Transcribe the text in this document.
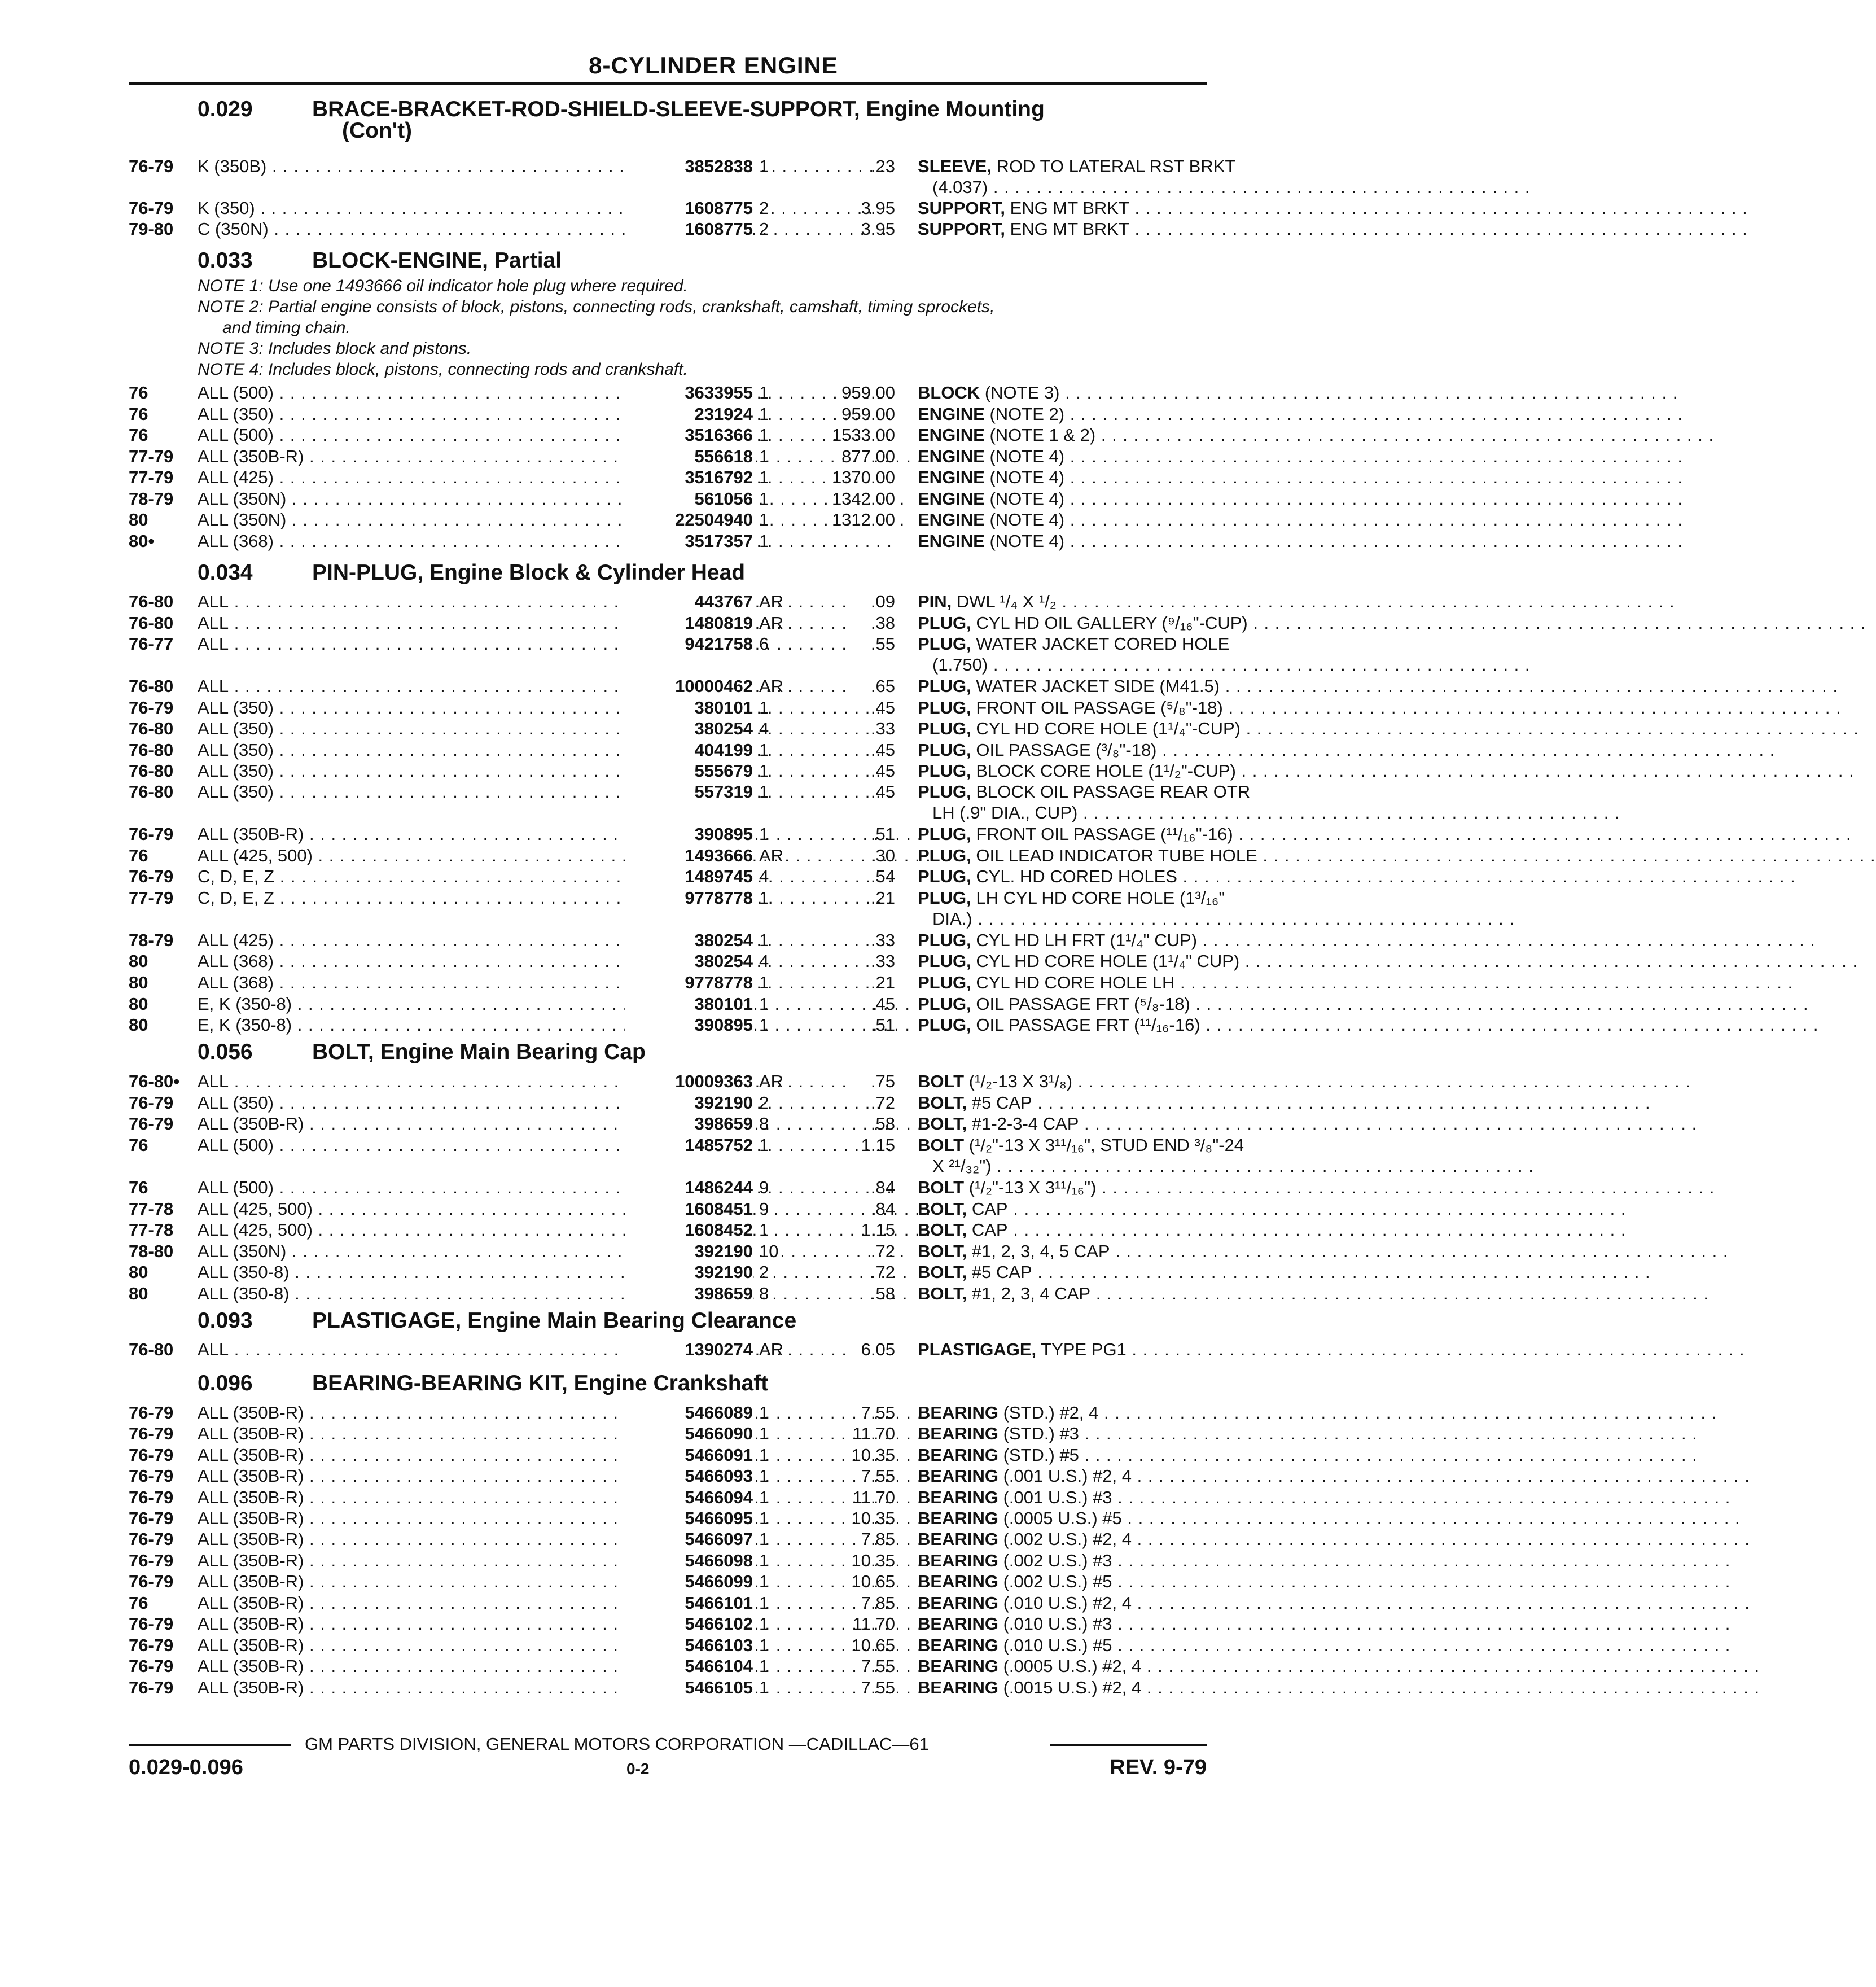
8-CYLINDER ENGINE
0.029	BRACE-BRACKET-ROD-SHIELD-SLEEVE-SUPPORT, Engine Mounting
(Con't)
0.033	BLOCK-ENGINE, Partial
NOTE 1: Use one 1493666 oil indicator hole plug where required.
NOTE 2: Partial engine consists of block, pistons, connecting rods, crankshaft, camshaft, timing sprockets,
and timing chain.
NOTE 3: Includes block and pistons.
NOTE 4: Includes block, pistons, connecting rods and crankshaft.
0.034	PIN-PLUG, Engine Block & Cylinder Head
0.056	BOLT, Engine Main Bearing Cap
0.093	PLASTIGAGE, Engine Main Bearing Clearance
0.096	BEARING-BEARING KIT, Engine Crankshaft
76-79 K (350B) . . .	3852838 1	.23 SLEEVE, ROD TO LATERAL RST BRKT
(4.037) . . .
76-79 K (350) . . .	1608775 2	3.95 SUPPORT, ENG MT BRKT . . .
79-80 C (350N) . . .	1608775 2	3.95 SUPPORT, ENG MT BRKT . . .
76	ALL (500) . . .	3633955 1	959.00 BLOCK (NOTE 3) . . .
76	ALL (350) . . .	231924 1	959.00 ENGINE (NOTE 2) . . .
76	ALL (500) . . .	3516366 1	1533.00 ENGINE (NOTE 1 & 2) . . .
77-79 ALL (350B-R) . . .	556618 1	877.00 ENGINE (NOTE 4) . . .
77-79 ALL (425) . . .	3516792 1	1370.00 ENGINE (NOTE 4) . . .
78-79 ALL (350N) . . .	561056 1	1342.00 ENGINE (NOTE 4) . . .
80	ALL (350N) . . .	22504940 1	1312.00 ENGINE (NOTE 4) . . .
80• ALL (368) . . .	3517357 1	ENGINE (NOTE 4) . . .
76-80 ALL . . .	443767 AR	.09 PIN, DWL ¹/₄ X ¹/₂ . . .
76-80 ALL . . .	1480819 AR	.38 PLUG, CYL HD OIL GALLERY (⁹/₁₆"-CUP) . . .
76-77 ALL . . .	9421758 6	.55 PLUG, WATER JACKET CORED HOLE
(1.750) . . .
76-80 ALL . . .	10000462 AR	.65 PLUG, WATER JACKET SIDE (M41.5) . . .
76-79 ALL (350) . . .	380101 1	.45 PLUG, FRONT OIL PASSAGE (⁵/₈"-18) . . .
76-80 ALL (350) . . .	380254 4	.33 PLUG, CYL HD CORE HOLE (1¹/₄"-CUP) . . .
76-80 ALL (350) . . .	404199 1	.45 PLUG, OIL PASSAGE (³/₈"-18) . . .
76-80 ALL (350) . . .	555679 1	.45 PLUG, BLOCK CORE HOLE (1¹/₂"-CUP) . . .
76-80 ALL (350) . . .	557319 1	.45 PLUG, BLOCK OIL PASSAGE REAR OTR
LH (.9" DIA., CUP) . . .
76-79 ALL (350B-R) . . .	390895 1	.51 PLUG, FRONT OIL PASSAGE (¹¹/₁₆"-16) . . .
76	ALL (425, 500) . . .	1493666 AR	.30 PLUG, OIL LEAD INDICATOR TUBE HOLE . . .
76-79 C, D, E, Z . . .	1489745 4	.54 PLUG, CYL. HD CORED HOLES . . .
77-79 C, D, E, Z . . .	9778778 1	.21 PLUG, LH CYL HD CORE HOLE (1³/₁₆"
DIA.) . . .
78-79 ALL (425) . . .	380254 1	.33 PLUG, CYL HD LH FRT (1¹/₄" CUP) . . .
80	ALL (368) . . .	380254 4	.33 PLUG, CYL HD CORE HOLE (1¹/₄" CUP) . . .
80	ALL (368) . . .	9778778 1	.21 PLUG, CYL HD CORE HOLE LH . . .
80	E, K (350-8) . . .	380101 1	.45 PLUG, OIL PASSAGE FRT (⁵/₈-18) . . .
80	E, K (350-8) . . .	390895 1	.51 PLUG, OIL PASSAGE FRT (¹¹/₁₆-16) . . .
76-80• ALL . . .	10009363 AR	.75 BOLT (¹/₂-13 X 3¹/₈) . . .
76-79 ALL (350) . . .	392190 2	.72 BOLT, #5 CAP . . .
76-79 ALL (350B-R) . . .	398659 8	.58 BOLT, #1-2-3-4 CAP . . .
76	ALL (500) . . .	1485752 1	1.15 BOLT (¹/₂"-13 X 3¹¹/₁₆", STUD END ³/₈"-24
X ²¹/₃₂") . . .
76	ALL (500) . . .	1486244 9	.84 BOLT (¹/₂"-13 X 3¹¹/₁₆") . . .
77-78 ALL (425, 500) . . .	1608451 9	.84 BOLT, CAP . . .
77-78 ALL (425, 500) . . .	1608452 1	1.15 BOLT, CAP . . .
78-80 ALL (350N) . . .	392190 10	.72 BOLT, #1, 2, 3, 4, 5 CAP . . .
80	ALL (350-8) . . .	392190 2	.72 BOLT, #5 CAP . . .
80	ALL (350-8) . . .	398659 8	.58 BOLT, #1, 2, 3, 4 CAP . . .
76-80 ALL . . .	1390274 AR	6.05 PLASTIGAGE, TYPE PG1 . . .
76-79 ALL (350B-R) . . .	5466089 1	7.55 BEARING (STD.) #2, 4 . . .
76-79 ALL (350B-R) . . .	5466090 1	11.70 BEARING (STD.) #3 . . .
76-79 ALL (350B-R) . . .	5466091 1	10.35 BEARING (STD.) #5 . . .
76-79 ALL (350B-R) . . .	5466093 1	7.55 BEARING (.001 U.S.) #2, 4 . . .
76-79 ALL (350B-R) . . .	5466094 1	11.70 BEARING (.001 U.S.) #3 . . .
76-79 ALL (350B-R) . . .	5466095 1	10.35 BEARING (.0005 U.S.) #5 . . .
76-79 ALL (350B-R) . . .	5466097 1	7.85 BEARING (.002 U.S.) #2, 4 . . .
76-79 ALL (350B-R) . . .	5466098 1	10.35 BEARING (.002 U.S.) #3 . . .
76-79 ALL (350B-R) . . .	5466099 1	10.65 BEARING (.002 U.S.) #5 . . .
76	ALL (350B-R) . . .	5466101 1	7.85 BEARING (.010 U.S.) #2, 4 . . .
76-79 ALL (350B-R) . . .	5466102 1	11.70 BEARING (.010 U.S.) #3 . . .
76-79 ALL (350B-R) . . .	5466103 1	10.65 BEARING (.010 U.S.) #5 . . .
76-79 ALL (350B-R) . . .	5466104 1	7.55 BEARING (.0005 U.S.) #2, 4 . . .
76-79 ALL (350B-R) . . .	5466105 1	7.55 BEARING (.0015 U.S.) #2, 4 . . .
GM PARTS DIVISION, GENERAL MOTORS CORPORATION —CADILLAC—61
0.029-0.096	0-2	REV. 9-79
